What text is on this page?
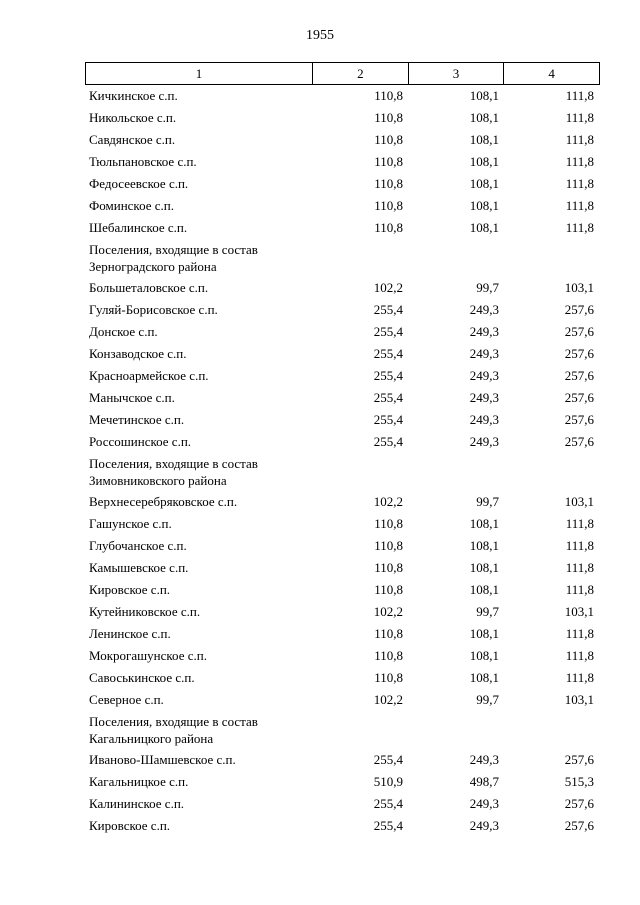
1955
1	2	3	4
Кичкинское с.п.	110,8	108,1	111,8
Никольское с.п.	110,8	108,1	111,8
Савдянское с.п.	110,8	108,1	111,8
Тюльпановское с.п.	110,8	108,1	111,8
Федосеевское с.п.	110,8	108,1	111,8
Фоминское с.п.	110,8	108,1	111,8
Шебалинское с.п.	110,8	108,1	111,8
Поселения, входящие в состав
Зерноградского района
Большеталовское с.п.	102,2	99,7	103,1
Гуляй-Борисовское с.п.	255,4	249,3	257,6
Донское с.п.	255,4	249,3	257,6
Конзаводское с.п.	255,4	249,3	257,6
Красноармейское с.п.	255,4	249,3	257,6
Манычское с.п.	255,4	249,3	257,6
Мечетинское с.п.	255,4	249,3	257,6
Россошинское с.п.	255,4	249,3	257,6
Поселения, входящие в состав
Зимовниковского района
Верхнесеребряковское с.п.	102,2	99,7	103,1
Гашунское с.п.	110,8	108,1	111,8
Глубочанское с.п.	110,8	108,1	111,8
Камышевское с.п.	110,8	108,1	111,8
Кировское с.п.	110,8	108,1	111,8
Кутейниковское с.п.	102,2	99,7	103,1
Ленинское с.п.	110,8	108,1	111,8
Мокрогашунское с.п.	110,8	108,1	111,8
Савоськинское с.п.	110,8	108,1	111,8
Северное с.п.	102,2	99,7	103,1
Поселения, входящие в состав
Кагальницкого района
Иваново-Шамшевское с.п.	255,4	249,3	257,6
Кагальницкое с.п.	510,9	498,7	515,3
Калининское с.п.	255,4	249,3	257,6
Кировское с.п.	255,4	249,3	257,6
